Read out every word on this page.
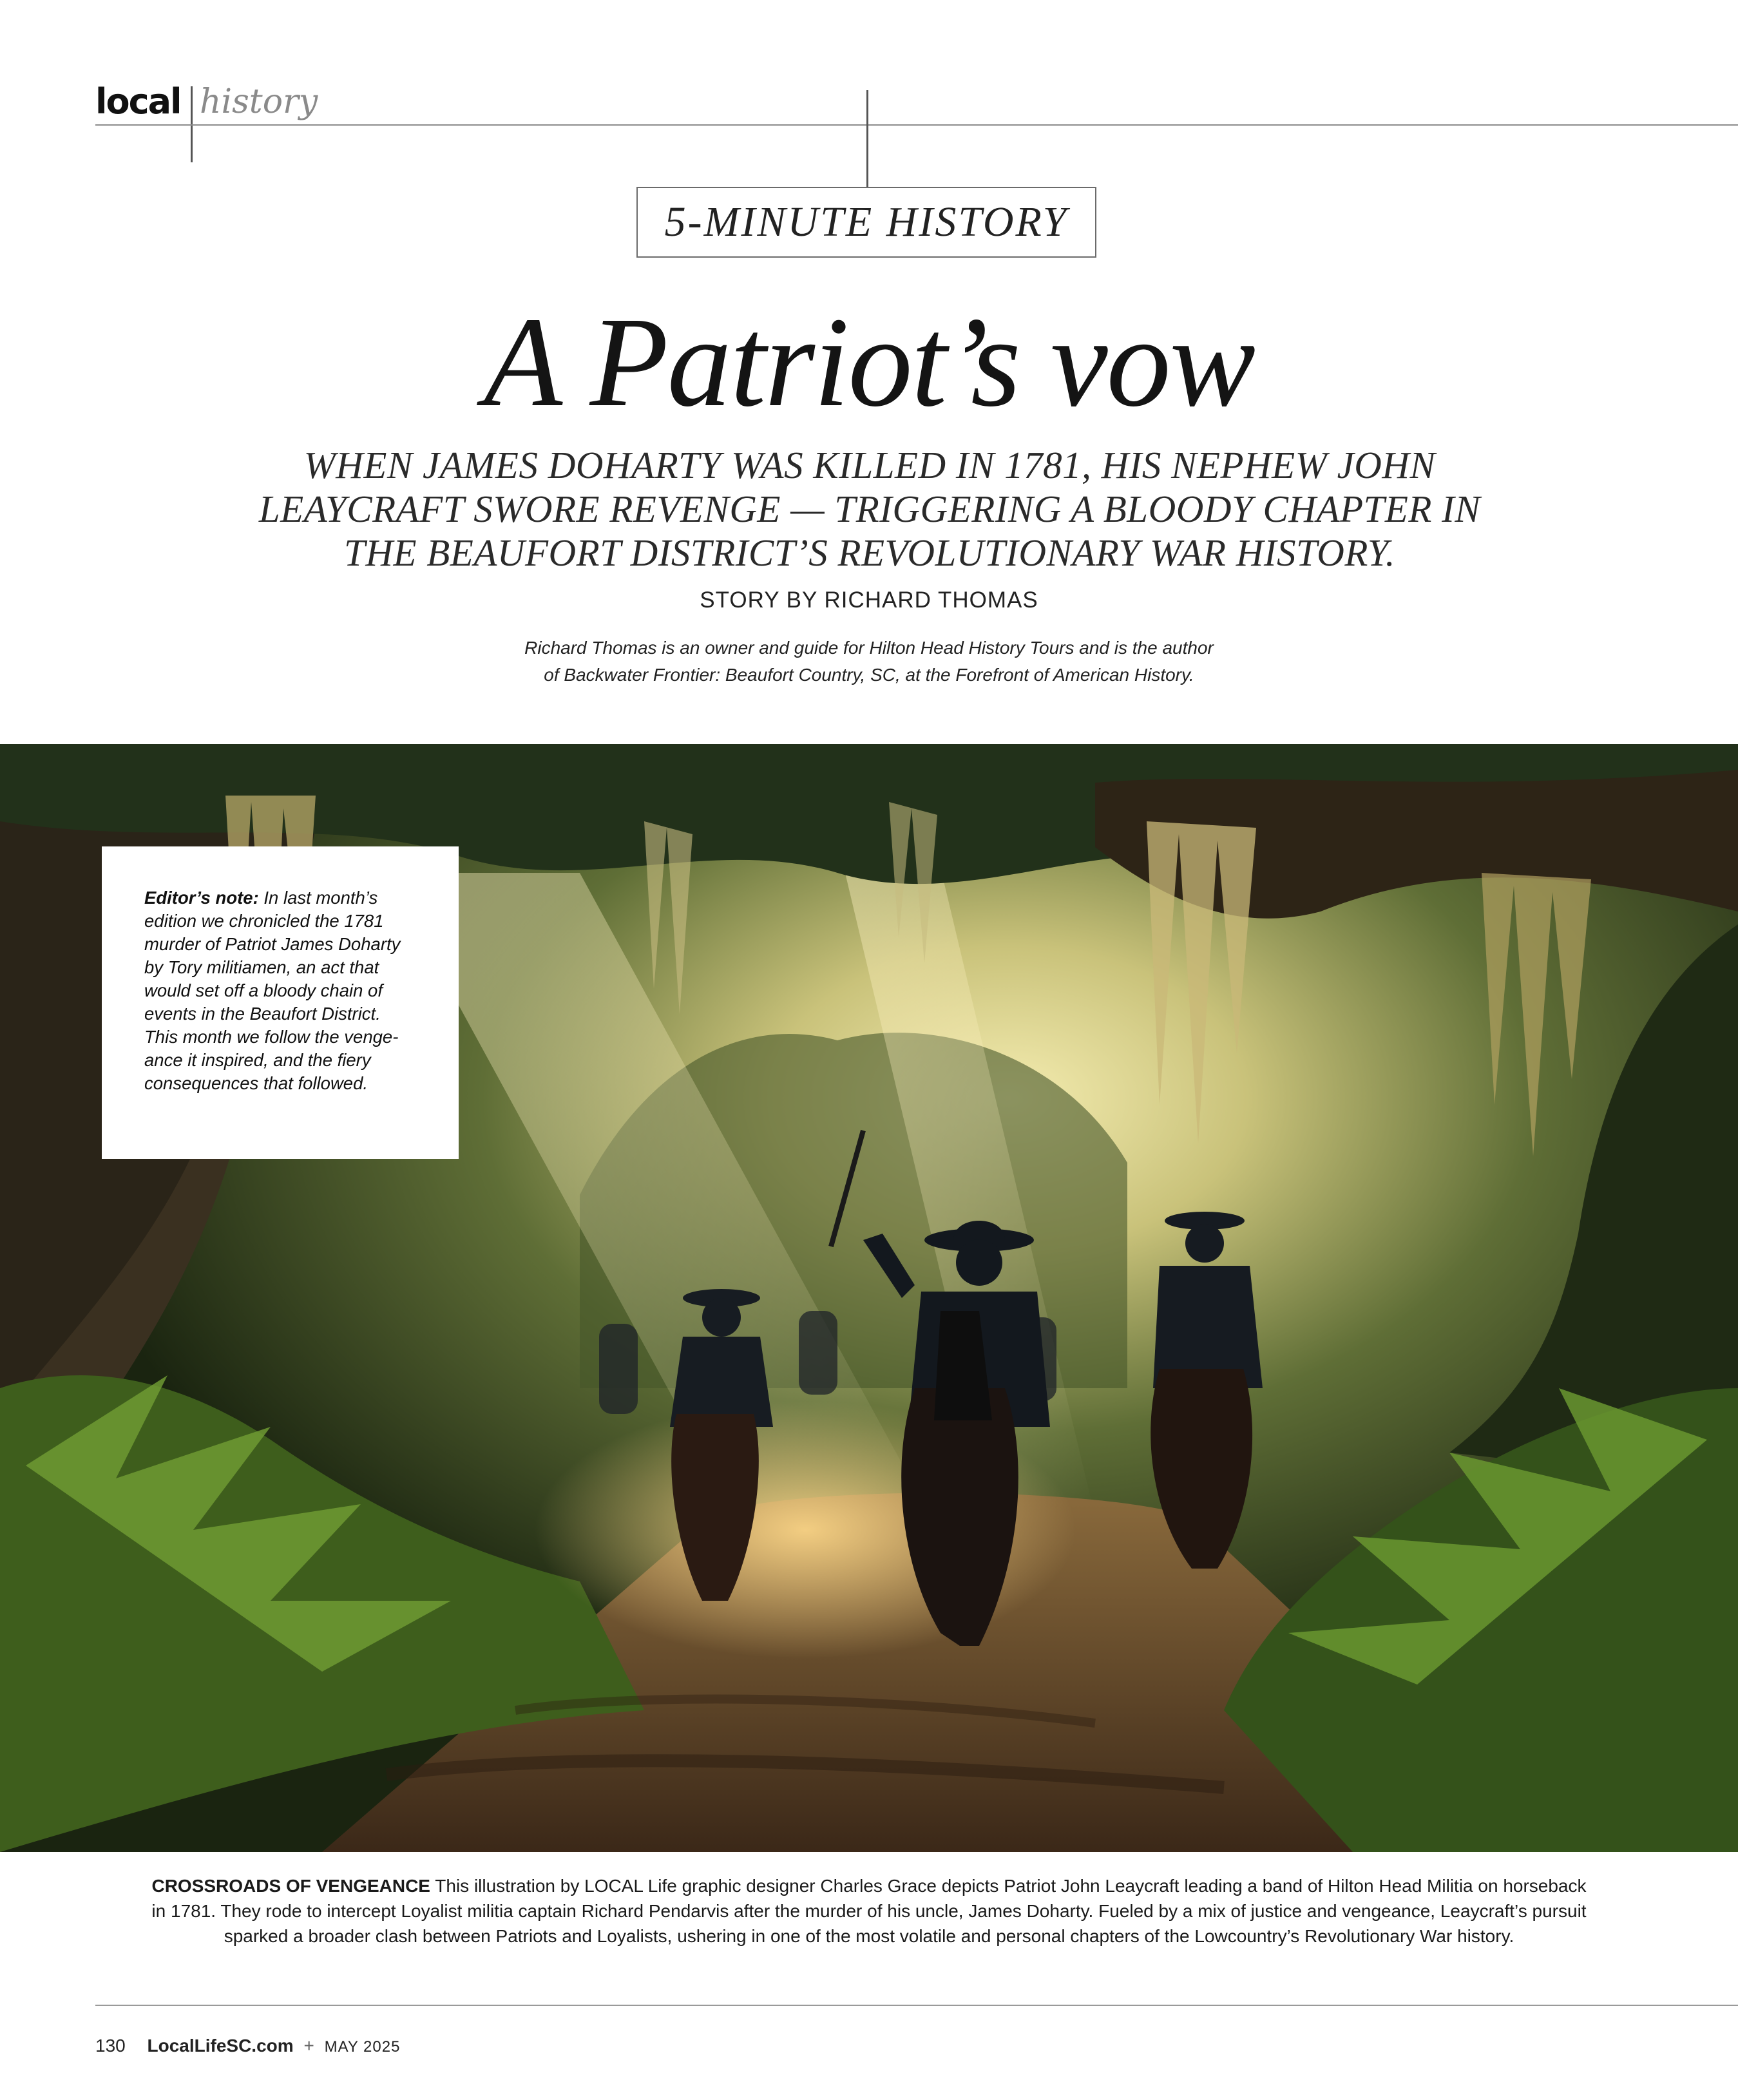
local history
5-MINUTE HISTORY
A Patriot’s vow
WHEN JAMES DOHARTY WAS KILLED IN 1781, HIS NEPHEW JOHN
LEAYCRAFT SWORE REVENGE — TRIGGERING A BLOODY CHAPTER IN
THE BEAUFORT DISTRICT’S REVOLUTIONARY WAR HISTORY.
STORY BY RICHARD THOMAS
Richard Thomas is an owner and guide for Hilton Head History Tours and is the author
of Backwater Frontier: Beaufort Country, SC, at the Forefront of American History.
Editor’s note: In last month’s
edition we chronicled the 1781
murder of Patriot James Doharty
by Tory militiamen, an act that
would set off a bloody chain of
events in the Beaufort District.
This month we follow the venge-
ance it inspired, and the fiery
consequences that followed.
CROSSROADS OF VENGEANCE This illustration by LOCAL Life graphic designer Charles Grace depicts Patriot John Leaycraft leading a band of Hilton Head Militia on horseback
in 1781. They rode to intercept Loyalist militia captain Richard Pendarvis after the murder of his uncle, James Doharty. Fueled by a mix of justice and vengeance, Leaycraft’s pursuit
sparked a broader clash between Patriots and Loyalists, ushering in one of the most volatile and personal chapters of the Lowcountry’s Revolutionary War history.
130 LocalLifeSC.com + MAY 2025
